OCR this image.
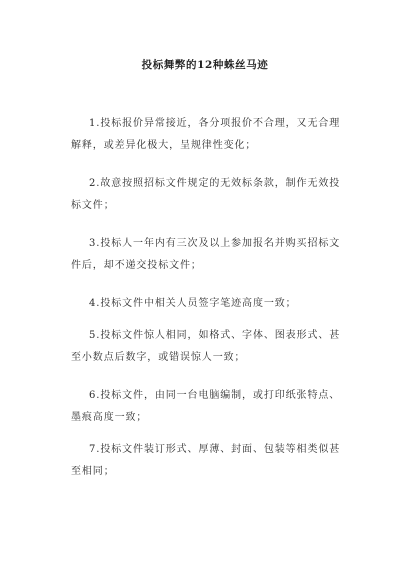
投标舞弊的12种蛛丝马迹

1.投标报价异常接近，各分项报价不合理，又无合理解释，或差异化极大，呈规律性变化；

2.故意按照招标文件规定的无效标条款，制作无效投标文件；

3.投标人一年内有三次及以上参加报名并购买招标文件后，却不递交投标文件；

4.投标文件中相关人员签字笔迹高度一致；

5.投标文件惊人相同，如格式、字体、图表形式、甚至小数点后数字，或错误惊人一致；

6.投标文件，由同一台电脑编制，或打印纸张特点、墨痕高度一致；

7.投标文件装订形式、厚薄、封面、包装等相类似甚至相同；
